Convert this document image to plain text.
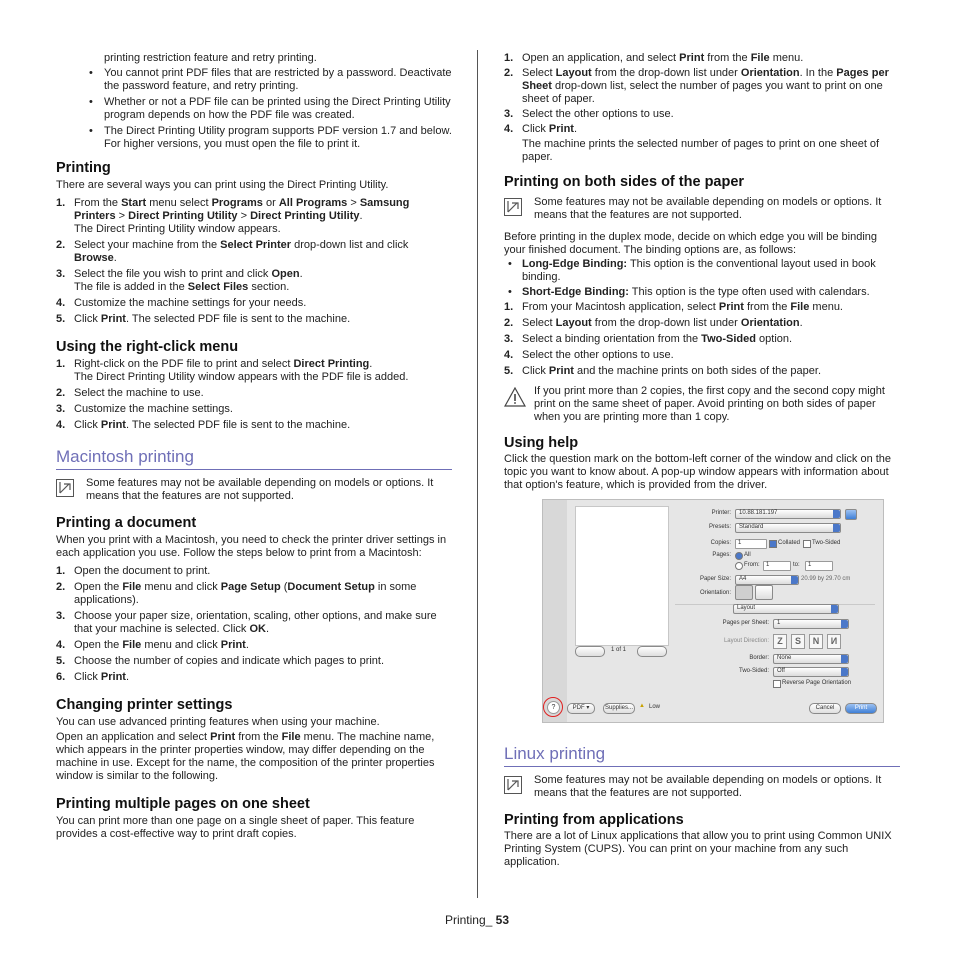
printing restriction feature and retry printing.

• You cannot print PDF files that are restricted by a password. Deactivate the password feature, and retry printing.
• Whether or not a PDF file can be printed using the Direct Printing Utility program depends on how the PDF file was created.
• The Direct Printing Utility program supports PDF version 1.7 and below. For higher versions, you must open the file to print it.

Printing

There are several ways you can print using the Direct Printing Utility.

1. From the Start menu select Programs or All Programs > Samsung Printers > Direct Printing Utility > Direct Printing Utility.
The Direct Printing Utility window appears.
2. Select your machine from the Select Printer drop-down list and click Browse.
3. Select the file you wish to print and click Open.
The file is added in the Select Files section.
4. Customize the machine settings for your needs.
5. Click Print. The selected PDF file is sent to the machine.

Using the right-click menu

1. Right-click on the PDF file to print and select Direct Printing.
The Direct Printing Utility window appears with the PDF file is added.
2. Select the machine to use.
3. Customize the machine settings.
4. Click Print. The selected PDF file is sent to the machine.

Macintosh printing

Some features may not be available depending on models or options. It means that the features are not supported.

Printing a document

When you print with a Macintosh, you need to check the printer driver settings in each application you use. Follow the steps below to print from a Macintosh:

1. Open the document to print.
2. Open the File menu and click Page Setup (Document Setup in some applications).
3. Choose your paper size, orientation, scaling, other options, and make sure that your machine is selected. Click OK.
4. Open the File menu and click Print.
5. Choose the number of copies and indicate which pages to print.
6. Click Print.

Changing printer settings

You can use advanced printing features when using your machine.

Open an application and select Print from the File menu. The machine name, which appears in the printer properties window, may differ depending on the machine in use. Except for the name, the composition of the printer properties window is similar to the following.

Printing multiple pages on one sheet

You can print more than one page on a single sheet of paper. This feature provides a cost-effective way to print draft copies.

1. Open an application, and select Print from the File menu.
2. Select Layout from the drop-down list under Orientation. In the Pages per Sheet drop-down list, select the number of pages you want to print on one sheet of paper.
3. Select the other options to use.
4. Click Print.
The machine prints the selected number of pages to print on one sheet of paper.

Printing on both sides of the paper

Some features may not be available depending on models or options. It means that the features are not supported.

Before printing in the duplex mode, decide on which edge you will be binding your finished document. The binding options are, as follows:

• Long-Edge Binding: This option is the conventional layout used in book binding.
• Short-Edge Binding: This option is the type often used with calendars.
1. From your Macintosh application, select Print from the File menu.
2. Select Layout from the drop-down list under Orientation.
3. Select a binding orientation from the Two-Sided option.
4. Select the other options to use.
5. Click Print and the machine prints on both sides of the paper.

If you print more than 2 copies, the first copy and the second copy might print on the same sheet of paper. Avoid printing on both sides of paper when you are printing more than 1 copy.

Using help

Click the question mark on the bottom-left corner of the window and click on the topic you want to know about. A pop-up window appears with information about that option's feature, which is provided from the driver.

1 of 1
Printer: 10.88.181.197
Presets: Standard
Copies: 1	Collated Two-Sided
Pages: All
From: 1	to: 1
Paper Size: A4	20.99 by 29.70 cm
Orientation:
Layout
Pages per Sheet: 1
Layout Direction: Z	S	N	И
Border: None
Two-Sided: Off
Reverse Page Orientation
?	PDF ▾	Supplies... ▲ Low	Cancel	Print

Linux printing

Some features may not be available depending on models or options. It means that the features are not supported.

Printing from applications

There are a lot of Linux applications that allow you to print using Common UNIX Printing System (CUPS). You can print on your machine from any such application.

Printing_ 53
